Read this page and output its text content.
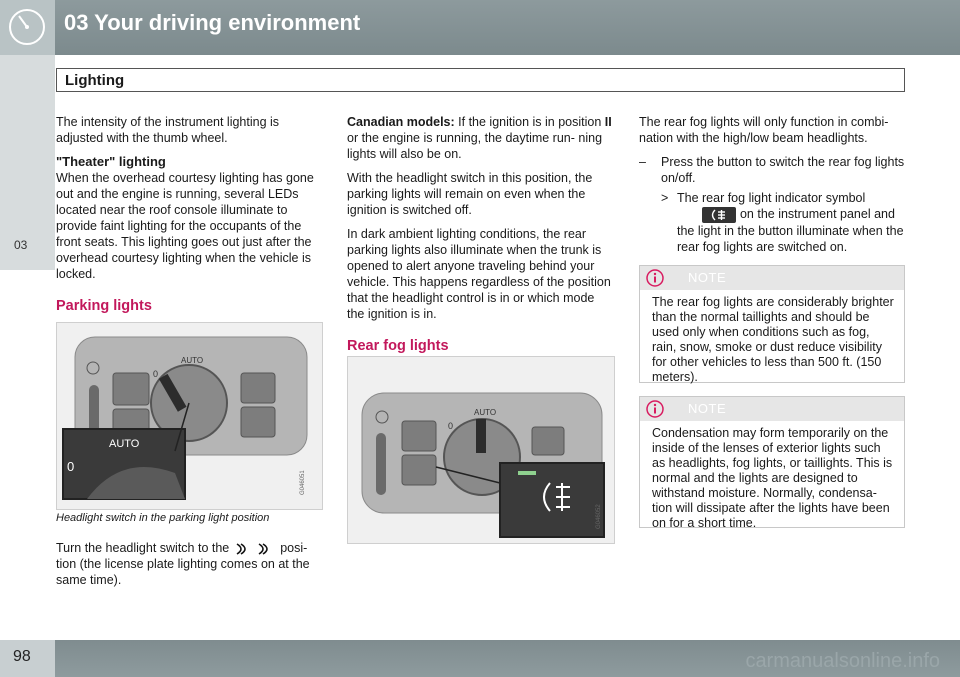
03 Your driving environment
03
Lighting

The intensity of the instrument lighting is adjusted with the thumb wheel.

"Theater" lighting

When the overhead courtesy lighting has gone out and the engine is running, several LEDs located near the roof console illuminate to provide faint lighting for the occupants of the front seats. This lighting goes out just after the overhead courtesy lighting when the vehicle is locked.

Parking lights
AUTO
0
AUTO
0
G046051
Headlight switch in the parking light position
Turn the headlight switch to the	posi- tion (the license plate lighting comes on at the same time).

Canadian models: If the ignition is in position II or the engine is running, the daytime run- ning lights will also be on.

With the headlight switch in this position, the parking lights will remain on even when the ignition is switched off.

In dark ambient lighting conditions, the rear parking lights also illuminate when the trunk is opened to alert anyone traveling behind your vehicle. This happens regardless of the position that the headlight control is in or which mode the ignition is in.

Rear fog lights
AUTO
0
G046052

The rear fog lights will only function in combi- nation with the high/low beam headlights.

–	Press the button to switch the rear fog lights on/off.
> The rear fog light indicator symbol
on the instrument panel and the light in the button illuminate when the rear fog lights are switched on.
NOTE
The rear fog lights are considerably brighter than the normal taillights and should be used only when conditions such as fog, rain, snow, smoke or dust reduce visibility for other vehicles to less than 500 ft. (150 meters).
NOTE
Condensation may form temporarily on the inside of the lenses of exterior lights such as headlights, fog lights, or taillights. This is normal and the lights are designed to withstand moisture. Normally, condensa- tion will dissipate after the lights have been on for a short time.
98	carmanualsonline.info
